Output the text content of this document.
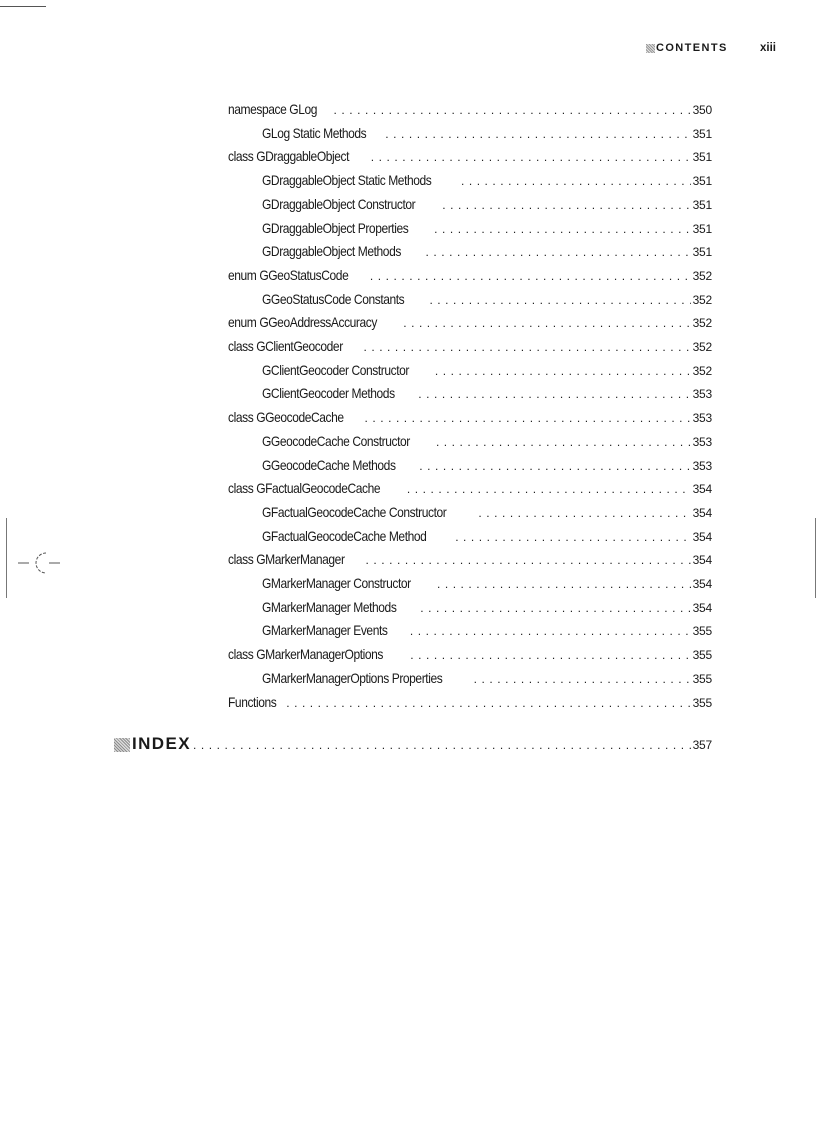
CONTENTS	xiii
namespace GLog . . .	350
GLog Static Methods . . .	351
class GDraggableObject . . .	351
GDraggableObject Static Methods . . .	351
GDraggableObject Constructor . . .	351
GDraggableObject Properties . . .	351
GDraggableObject Methods . . .	351
enum GGeoStatusCode . . .	352
GGeoStatusCode Constants . . .	352
enum GGeoAddressAccuracy . . .	352
class GClientGeocoder . . .	352
GClientGeocoder Constructor . . .	352
GClientGeocoder Methods . . .	353
class GGeocodeCache . . .	353
GGeocodeCache Constructor . . .	353
GGeocodeCache Methods . . .	353
class GFactualGeocodeCache . . .	354
GFactualGeocodeCache Constructor . . .	354
GFactualGeocodeCache Method . . .	354
class GMarkerManager . . .	354
GMarkerManager Constructor . . .	354
GMarkerManager Methods . . .	354
GMarkerManager Events . . .	355
class GMarkerManagerOptions . . .	355
GMarkerManagerOptions Properties . . .	355
Functions . . .	355
INDEX . . .	357
